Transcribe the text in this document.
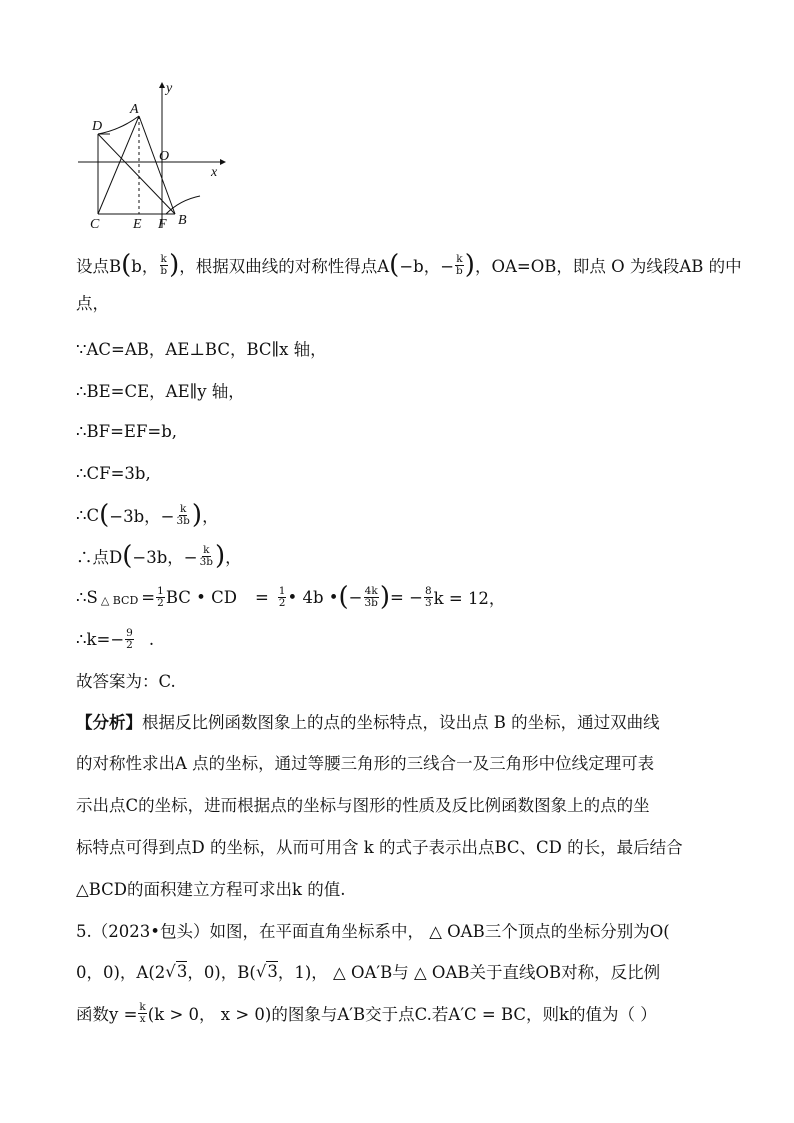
A
y
D
O
x
C E F B
设点B ( b， $\frac{k}{b}$ ) ，根据双曲线的对称性得点A ( −b，− $\frac{k}{b}$ ) ，OA=OB，即点 O 为线段AB 的中
点，
∵AC=AB，AE⊥BC，BC∥x 轴，
∴BE=CE，AE∥y 轴，
∴BF=EF=b,
∴CF=3b,
∴C ( −3b，− $\frac{k}{3b}$ ) ，
∴点D ( −3b，− $\frac{k}{3b}$ ) ，
∴S △ BCD = $\frac{1}{2}$ BC • CD = $\frac{1}{2}$ • 4b • ( − $\frac{4k}{3b}$ ) = − $\frac{8}{3}$ k = 12，
∴k=− $\frac{9}{2}$ .
故答案为：C.
【分析】 根据反比例函数图象上的点的坐标特点，设出点 B 的坐标，通过双曲线
的对称性求出A 点的坐标，通过等腰三角形的三线合一及三角形中位线定理可表
示出点C的坐标，进而根据点的坐标与图形的性质及反比例函数图象上的点的坐
标特点可得到点D 的坐标，从而可用含 k 的式子表示出点BC、CD 的长，最后结合
△BCD的面积建立方程可求出k 的值.
5.（2023•包头）如图，在平面直角坐标系中， △ OAB三个顶点的坐标分别为O(
0，0)，A(2 √ 3 ，0)，B( √ 3 ，1)， △ OA′B与 △ OAB关于直线OB对称，反比例
函数$y = \frac{k}{x} (k > 0$， x > 0)的图象与A′B交于点C.若A′C = BC，则k的值为（ ）
